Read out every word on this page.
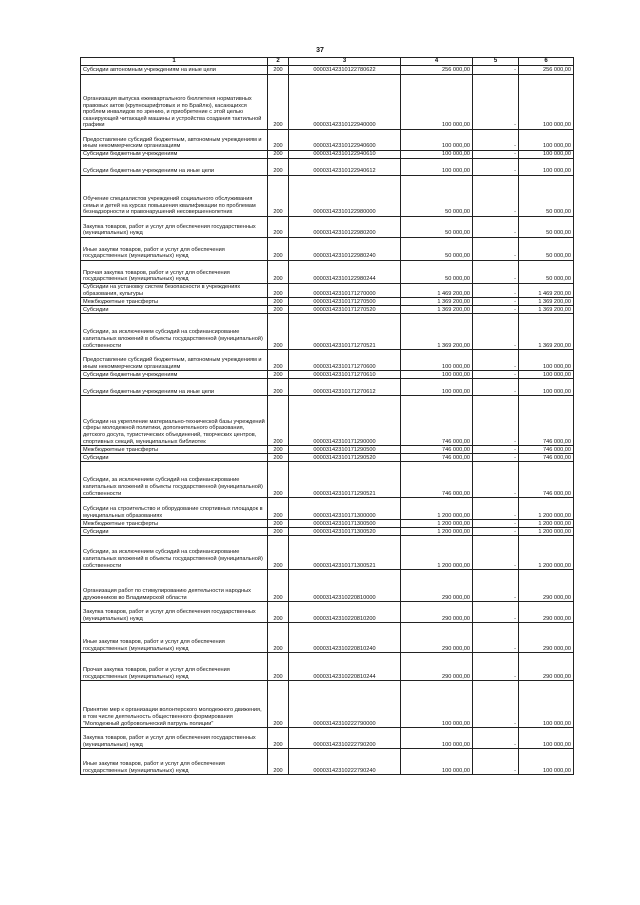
37
1	2	3	4	5	6
Субсидии автономным учреждениям на иные цели	200	00003142310122780622	256 000,00	-	256 000,00
Организация выпуска ежеквартального бюллетеня нормативных правовых актов (крупношрифтовых и по Брайлю), касающихся проблем инвалидов по зрению, и приобретение с этой целью сканирующей читающей машины и устройства создания тактильной графики	200	00003142310122940000	100 000,00	-	100 000,00
Предоставление субсидий бюджетным, автономным учреждениям и иным некоммерческим организациям	200	00003142310122940600	100 000,00	-	100 000,00
Субсидии бюджетным учреждениям	200	00003142310122940610	100 000,00	-	100 000,00
Субсидии бюджетным учреждениям на иные цели	200	00003142310122940612	100 000,00	-	100 000,00
Обучение специалистов учреждений социального обслуживания семьи и детей на курсах повышения квалификации по проблемам безнадзорности и правонарушений несовершеннолетних	200	00003142310122980000	50 000,00	-	50 000,00
Закупка товаров, работ и услуг для обеспечения государственных (муниципальных) нужд	200	00003142310122980200	50 000,00	-	50 000,00
Иные закупки товаров, работ и услуг для обеспечения государственных (муниципальных) нужд	200	00003142310122980240	50 000,00	-	50 000,00
Прочая закупка товаров, работ и услуг для обеспечения государственных (муниципальных) нужд	200	00003142310122980244	50 000,00	-	50 000,00
Субсидии на установку систем безопасности в учреждениях образования, культуры	200	00003142310171270000	1 469 200,00	-	1 469 200,00
Межбюджетные трансферты	200	00003142310171270500	1 369 200,00	-	1 369 200,00
Субсидии	200	00003142310171270520	1 369 200,00	-	1 369 200,00
Субсидии, за исключением субсидий на софинансирование капитальных вложений в объекты государственной (муниципальной) собственности	200	00003142310171270521	1 369 200,00	-	1 369 200,00
Предоставление субсидий бюджетным, автономным учреждениям и иным некоммерческим организациям	200	00003142310171270600	100 000,00	-	100 000,00
Субсидии бюджетным учреждениям	200	00003142310171270610	100 000,00	-	100 000,00
Субсидии бюджетным учреждениям на иные цели	200	00003142310171270612	100 000,00	-	100 000,00
Субсидии на укрепление материально-технической базы учреждений сферы молодежной политики, дополнительного образования, детского досуга, туристических объединений, творческих центров, спортивных секций, муниципальных библиотек	200	00003142310171290000	746 000,00	-	746 000,00
Межбюджетные трансферты	200	00003142310171290500	746 000,00	-	746 000,00
Субсидии	200	00003142310171290520	746 000,00	-	746 000,00
Субсидии, за исключением субсидий на софинансирование капитальных вложений в объекты государственной (муниципальной) собственности	200	00003142310171290521	746 000,00	-	746 000,00
Субсидии на строительство и оборудование спортивных площадок в муниципальных образованиях	200	00003142310171300000	1 200 000,00	-	1 200 000,00
Межбюджетные трансферты	200	00003142310171300500	1 200 000,00	-	1 200 000,00
Субсидии	200	00003142310171300520	1 200 000,00	-	1 200 000,00
Субсидии, за исключением субсидий на софинансирование капитальных вложений в объекты государственной (муниципальной) собственности	200	00003142310171300521	1 200 000,00	-	1 200 000,00
Организация работ по стимулированию деятельности народных дружинников во Владимирской области	200	00003142310220810000	290 000,00	-	290 000,00
Закупка товаров, работ и услуг для обеспечения государственных (муниципальных) нужд	200	00003142310220810200	290 000,00	-	290 000,00
Иные закупки товаров, работ и услуг для обеспечения государственных (муниципальных) нужд	200	00003142310220810240	290 000,00	-	290 000,00
Прочая закупка товаров, работ и услуг для обеспечения государственных (муниципальных) нужд	200	00003142310220810244	290 000,00	-	290 000,00
Принятие мер к организации волонтерского молодежного движения, в том числе деятельность общественного формирования "Молодежный добровольческий патруль полиции"	200	00003142310222790000	100 000,00	-	100 000,00
Закупка товаров, работ и услуг для обеспечения государственных (муниципальных) нужд	200	00003142310222790200	100 000,00	-	100 000,00
Иные закупки товаров, работ и услуг для обеспечения государственных (муниципальных) нужд	200	00003142310222790240	100 000,00	-	100 000,00
